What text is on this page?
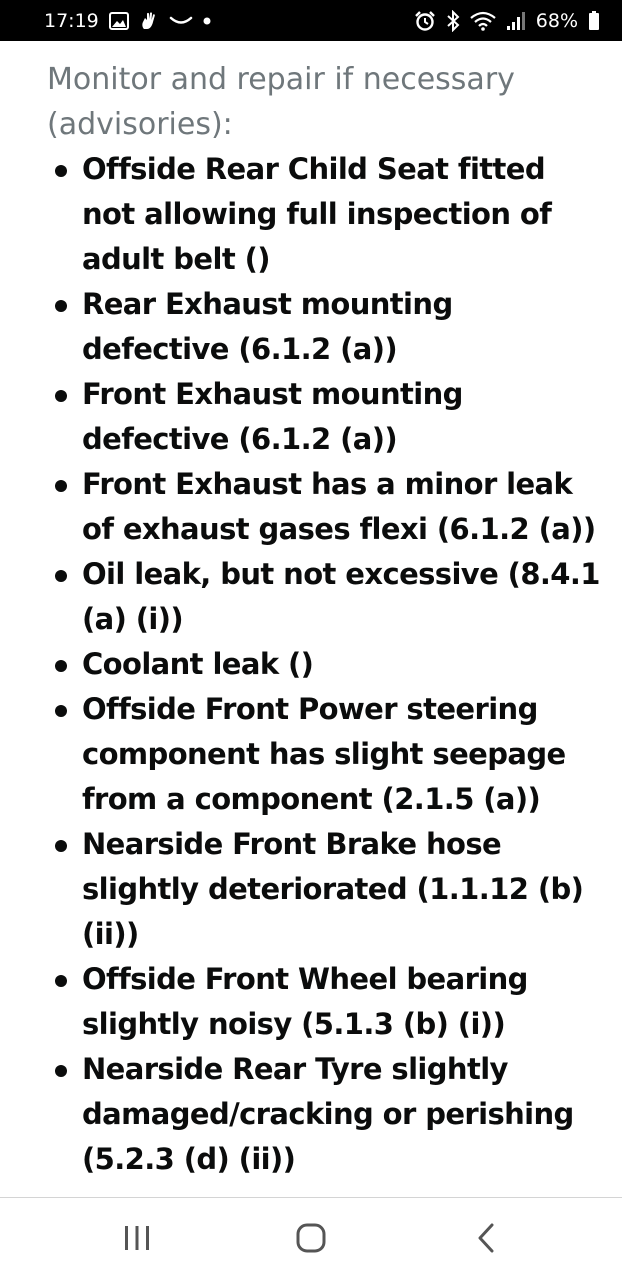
17:19	68%
Monitor and repair if necessary (advisories):
Offside Rear Child Seat fitted not allowing full inspection of adult belt ()
Rear Exhaust mounting defective (6.1.2 (a))
Front Exhaust mounting defective (6.1.2 (a))
Front Exhaust has a minor leak of exhaust gases flexi (6.1.2 (a))
Oil leak, but not excessive (8.4.1 (a) (i))
Coolant leak ()
Offside Front Power steering component has slight seepage from a component (2.1.5 (a))
Nearside Front Brake hose slightly deteriorated (1.1.12 (b) (ii))
Offside Front Wheel bearing slightly noisy (5.1.3 (b) (i))
Nearside Rear Tyre slightly damaged/cracking or perishing (5.2.3 (d) (ii))
